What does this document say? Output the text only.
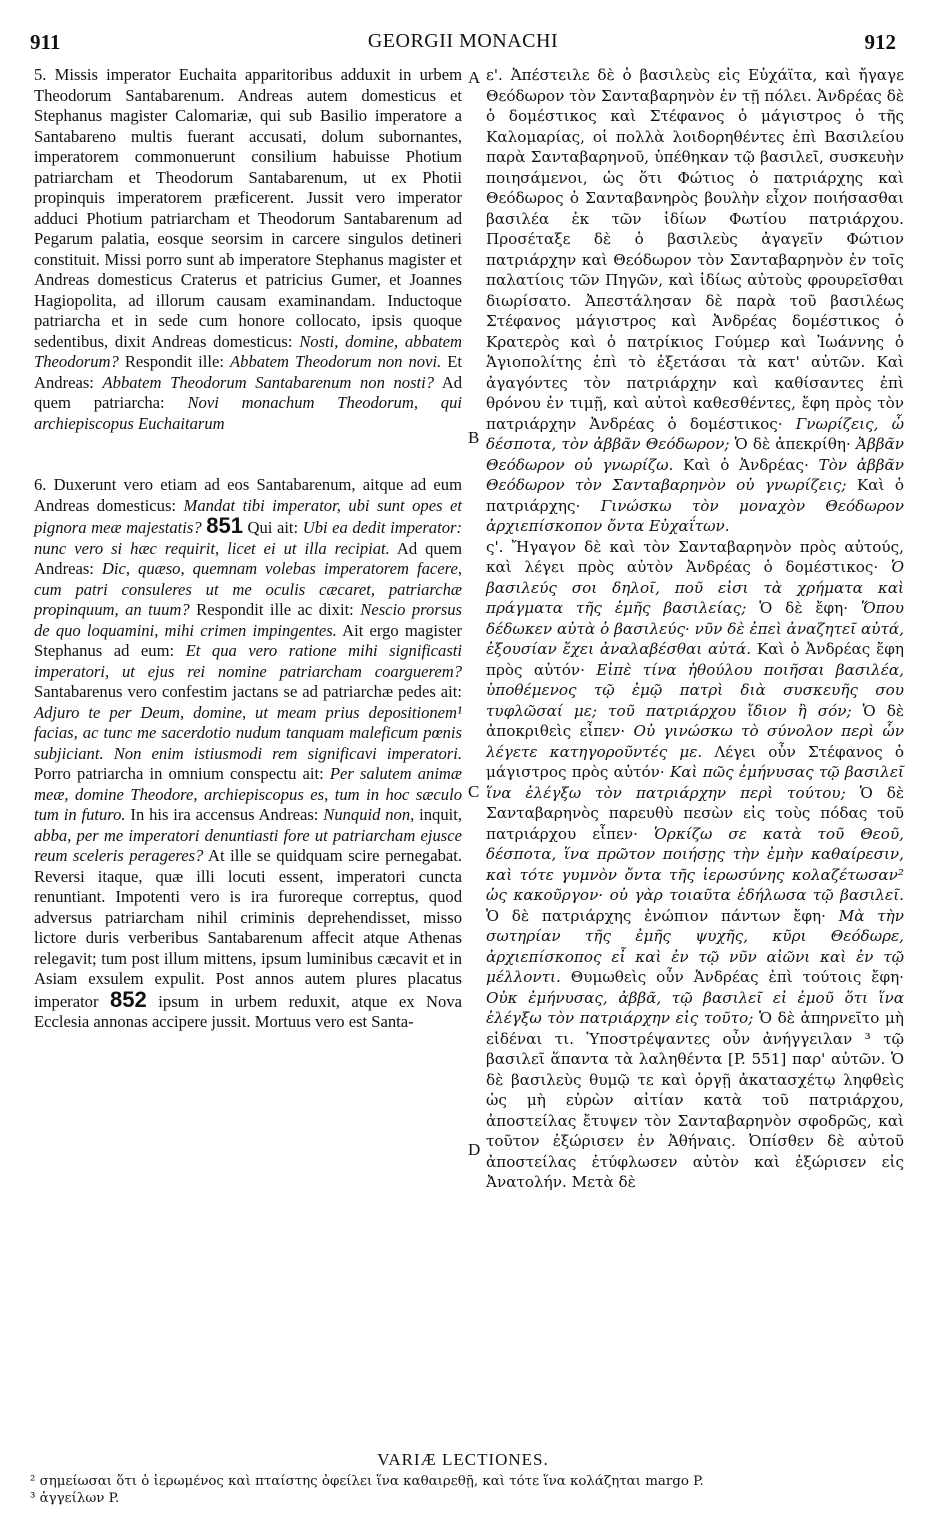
911	GEORGII MONACHI	912
A
B
C
D

5. Missis imperator Euchaita apparitoribus adduxit in urbem Theodorum Santabarenum. Andreas autem domesticus et Stephanus magister Calomariæ, qui sub Basilio imperatore a Santabareno multis fuerant accusati, dolum subornantes, imperatorem commonuerunt consilium habuisse Photium patriarcham et Theodorum Santabarenum, ut ex Photii propinquis imperatorem præficerent. Jussit vero imperator adduci Photium patriarcham et Theodorum Santabarenum ad Pegarum palatia, eosque seorsim in carcere singulos detineri constituit. Missi porro sunt ab imperatore Stephanus magister et Andreas domesticus Craterus et patricius Gumer, et Joannes Hagiopolita, ad illorum causam examinandam. Inductoque patriarcha et in sede cum honore collocato, ipsis quoque sedentibus, dixit Andreas domesticus: Nosti, domine, abbatem Theodorum? Respondit ille: Abbatem Theodorum non novi. Et Andreas: Abbatem Theodorum Santabarenum non nosti? Ad quem patriarcha: Novi monachum Theodorum, qui archiepiscopus Euchaitarum

6. Duxerunt vero etiam ad eos Santabarenum, aitque ad eum Andreas domesticus: Mandat tibi imperator, ubi sunt opes et pignora meæ majestatis? 851 Qui ait: Ubi ea dedit imperator: nunc vero si hæc requirit, licet ei ut illa recipiat. Ad quem Andreas: Dic, quæso, quemnam volebas imperatorem facere, cum patri consuleres ut me oculis cæcaret, patriarchæ propinquum, an tuum? Respondit ille ac dixit: Nescio prorsus de quo loquamini, mihi crimen impingentes. Ait ergo magister Stephanus ad eum: Et qua vero ratione mihi significasti imperatori, ut ejus rei nomine patriarcham coarguerem? Santabarenus vero confestim jactans se ad patriarchæ pedes ait: Adjuro te per Deum, domine, ut meam prius depositionem¹ facias, ac tunc me sacerdotio nudum tanquam maleficum pœnis subjiciant. Non enim istiusmodi rem significavi imperatori. Porro patriarcha in omnium conspectu ait: Per salutem animæ meæ, domine Theodore, archiepiscopus es, tum in hoc sæculo tum in futuro. In his ira accensus Andreas: Nunquid non, inquit, abba, per me imperatori denuntiasti fore ut patriarcham ejusce reum sceleris perageres? At ille se quidquam scire pernegabat. Reversi itaque, quæ illi locuti essent, imperatori cuncta renuntiant. Impotenti vero is ira furoreque correptus, quod adversus patriarcham nihil criminis deprehendisset, misso lictore duris verberibus Santabarenum affecit atque Athenas relegavit; tum post illum mittens, ipsum luminibus cæcavit et in Asiam exsulem expulit. Post annos autem plures placatus imperator 852 ipsum in urbem reduxit, atque ex Nova Ecclesia annonas accipere jussit. Mortuus vero est Santa-

ε'. Ἀπέστειλε δὲ ὁ βασιλεὺς εἰς Εὐχάϊτα, καὶ ἤγαγε Θεόδωρον τὸν Σανταβαρηνὸν ἐν τῇ πόλει. Ἀνδρέας δὲ ὁ δομέστικος καὶ Στέφανος ὁ μάγιστρος ὁ τῆς Καλομαρίας, οἱ πολλὰ λοιδορηθέντες ἐπὶ Βασιλείου παρὰ Σανταβαρηνοῦ, ὑπέθηκαν τῷ βασιλεῖ, συσκευὴν ποιησάμενοι, ὡς ὅτι Φώτιος ὁ πατριάρχης καὶ Θεόδωρος ὁ Σανταβανηρὸς βουλὴν εἶχον ποιήσασθαι βασιλέα ἐκ τῶν ἰδίων Φωτίου πατριάρχου. Προσέταξε δὲ ὁ βασιλεὺς ἀγαγεῖν Φώτιον πατριάρχην καὶ Θεόδωρον τὸν Σανταβαρηνὸν ἐν τοῖς παλατίοις τῶν Πηγῶν, καὶ ἰδίως αὐτοὺς φρουρεῖσθαι διωρίσατο. Ἀπεστάλησαν δὲ παρὰ τοῦ βασιλέως Στέφανος μάγιστρος καὶ Ἀνδρέας δομέστικος ὁ Κρατερὸς καὶ ὁ πατρίκιος Γούμερ καὶ Ἰωάννης ὁ Ἁγιοπολίτης ἐπὶ τὸ ἐξετάσαι τὰ κατ' αὐτῶν. Καὶ ἀγαγόντες τὸν πατριάρχην καὶ καθίσαντες ἐπὶ θρόνου ἐν τιμῇ, καὶ αὐτοὶ καθεσθέντες, ἔφη πρὸς τὸν πατριάρχην Ἀνδρέας ὁ δομέστικος· Γνωρίζεις, ὦ δέσποτα, τὸν ἀββᾶν Θεόδωρον; Ὁ δὲ ἀπεκρίθη· Ἀββᾶν Θεόδωρον οὐ γνωρίζω. Καὶ ὁ Ἀνδρέας· Τὸν ἀββᾶν Θεόδωρον τὸν Σανταβαρηνὸν οὐ γνωρίζεις; Καὶ ὁ πατριάρχης· Γινώσκω τὸν μοναχὸν Θεόδωρον ἀρχιεπίσκοπον ὄντα Εὐχαΐτων.

ς'. Ἤγαγον δὲ καὶ τὸν Σανταβαρηνὸν πρὸς αὐτούς, καὶ λέγει πρὸς αὐτὸν Ἀνδρέας ὁ δομέστικος· Ὁ βασιλεύς σοι δηλοῖ, ποῦ εἰσι τὰ χρήματα καὶ πράγματα τῆς ἐμῆς βασιλείας; Ὁ δὲ ἔφη· Ὅπου δέδωκεν αὐτὰ ὁ βασιλεύς· νῦν δὲ ἐπεὶ ἀναζητεῖ αὐτά, ἐξουσίαν ἔχει ἀναλαβέσθαι αὐτά. Καὶ ὁ Ἀνδρέας ἔφη πρὸς αὐτόν· Εἰπὲ τίνα ἠθούλου ποιῆσαι βασιλέα, ὑποθέμενος τῷ ἐμῷ πατρὶ διὰ συσκευῆς σου τυφλῶσαί με; τοῦ πατριάρχου ἴδιον ἢ σόν; Ὁ δὲ ἀποκριθεὶς εἶπεν· Οὐ γινώσκω τὸ σύνολον περὶ ὧν λέγετε κατηγοροῦντές με. Λέγει οὖν Στέφανος ὁ μάγιστρος πρὸς αὐτόν· Καὶ πῶς ἐμήνυσας τῷ βασιλεῖ ἵνα ἐλέγξω τὸν πατριάρχην περὶ τούτου; Ὁ δὲ Σανταβαρηνὸς παρευθὺ πεσὼν εἰς τοὺς πόδας τοῦ πατριάρχου εἶπεν· Ὁρκίζω σε κατὰ τοῦ Θεοῦ, δέσποτα, ἵνα πρῶτον ποιήσῃς τὴν ἐμὴν καθαίρεσιν, καὶ τότε γυμνὸν ὄντα τῆς ἱερωσύνης κολαζέτωσαν² ὡς κακοῦργον· οὐ γὰρ τοιαῦτα ἐδήλωσα τῷ βασιλεῖ. Ὁ δὲ πατριάρχης ἐνώπιον πάντων ἔφη· Μὰ τὴν σωτηρίαν τῆς ἐμῆς ψυχῆς, κῦρι Θεόδωρε, ἀρχιεπίσκοπος εἶ καὶ ἐν τῷ νῦν αἰῶνι καὶ ἐν τῷ μέλλοντι. Θυμωθεὶς οὖν Ἀνδρέας ἐπὶ τούτοις ἔφη· Οὐκ ἐμήνυσας, ἀββᾶ, τῷ βασιλεῖ εἰ ἐμοῦ ὅτι ἵνα ἐλέγξω τὸν πατριάρχην εἰς τοῦτο; Ὁ δὲ ἀπηρνεῖτο μὴ εἰδέναι τι. Ὑποστρέψαντες οὖν ἀνήγγειλαν ³ τῷ βασιλεῖ ἅπαντα τὰ λαληθέντα [P. 551] παρ' αὐτῶν. Ὁ δὲ βασιλεὺς θυμῷ τε καὶ ὀργῇ ἀκατασχέτῳ ληφθεὶς ὡς μὴ εὑρὼν αἰτίαν κατὰ τοῦ πατριάρχου, ἀποστείλας ἔτυψεν τὸν Σανταβαρηνὸν σφοδρῶς, καὶ τοῦτον ἐξώρισεν ἐν Ἀθήναις. Ὀπίσθεν δὲ αὐτοῦ ἀποστείλας ἐτύφλωσεν αὐτὸν καὶ ἐξώρισεν εἰς Ἀνατολήν. Μετὰ δὲ

VARIÆ LECTIONES.

² σημείωσαι ὅτι ὁ ἱερωμένος καὶ πταίστης ὀφείλει ἵνα καθαιρεθῇ, καὶ τότε ἵνα κολάζηται margo P.

³ ἀγγείλων P.
